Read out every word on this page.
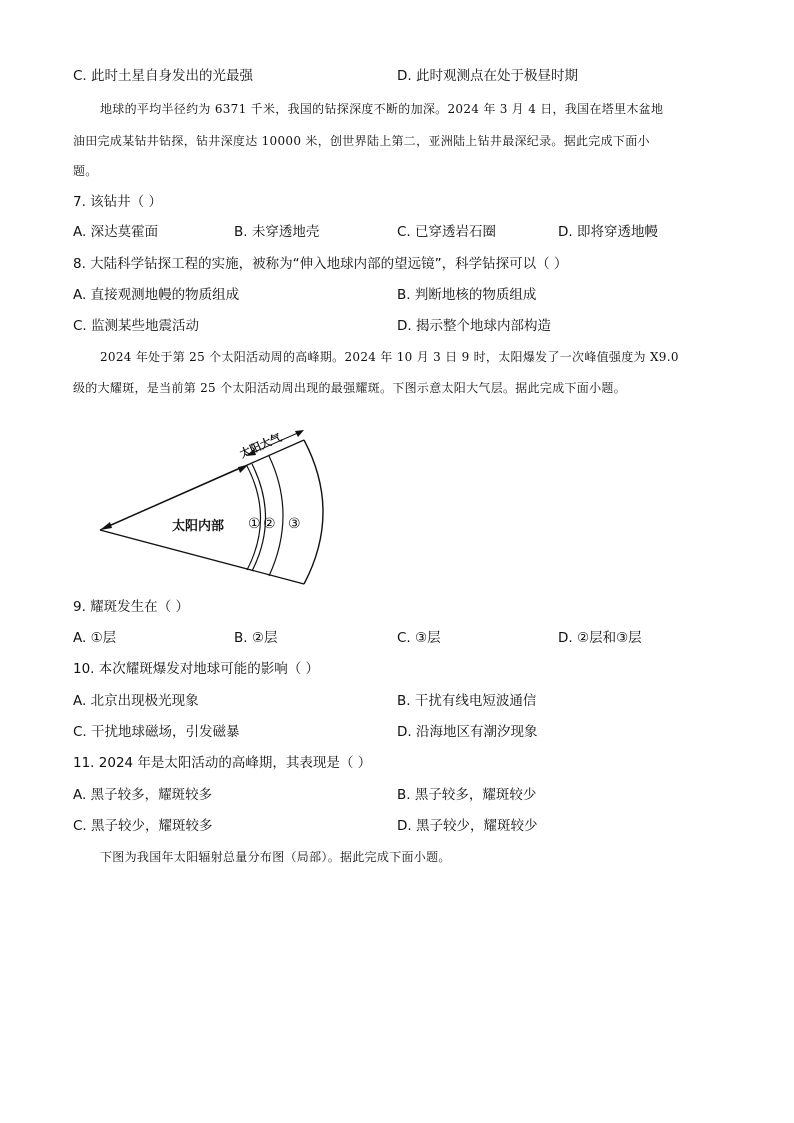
C. 此时土星自身发出的光最强	D. 此时观测点在处于极昼时期
地球的平均半径约为 6371 千米，我国的钻探深度不断的加深。2024 年 3 月 4 日，我国在塔里木盆地
油田完成某钻井钻探，钻井深度达 10000 米，创世界陆上第二，亚洲陆上钻井最深纪录。据此完成下面小
题。
7. 该钻井（ ）
A. 深达莫霍面	B. 未穿透地壳	C. 已穿透岩石圈	D. 即将穿透地幔
8. 大陆科学钻探工程的实施，被称为“伸入地球内部的望远镜”，科学钻探可以（ ）
A. 直接观测地幔的物质组成	B. 判断地核的物质组成
C. 监测某些地震活动	D. 揭示整个地球内部构造
2024 年处于第 25 个太阳活动周的高峰期。2024 年 10 月 3 日 9 时，太阳爆发了一次峰值强度为 X9.0
级的大耀斑，是当前第 25 个太阳活动周出现的最强耀斑。下图示意太阳大气层。据此完成下面小题。
太阳内部
太阳大气
① ② ③
9. 耀斑发生在（ ）
A. ①层	B. ②层	C. ③层	D. ②层和③层
10. 本次耀斑爆发对地球可能的影响（ ）
A. 北京出现极光现象	B. 干扰有线电短波通信
C. 干扰地球磁场，引发磁暴	D. 沿海地区有潮汐现象
11. 2024 年是太阳活动的高峰期，其表现是（ ）
A. 黑子较多，耀斑较多	B. 黑子较多，耀斑较少
C. 黑子较少，耀斑较多	D. 黑子较少，耀斑较少
下图为我国年太阳辐射总量分布图（局部）。据此完成下面小题。
